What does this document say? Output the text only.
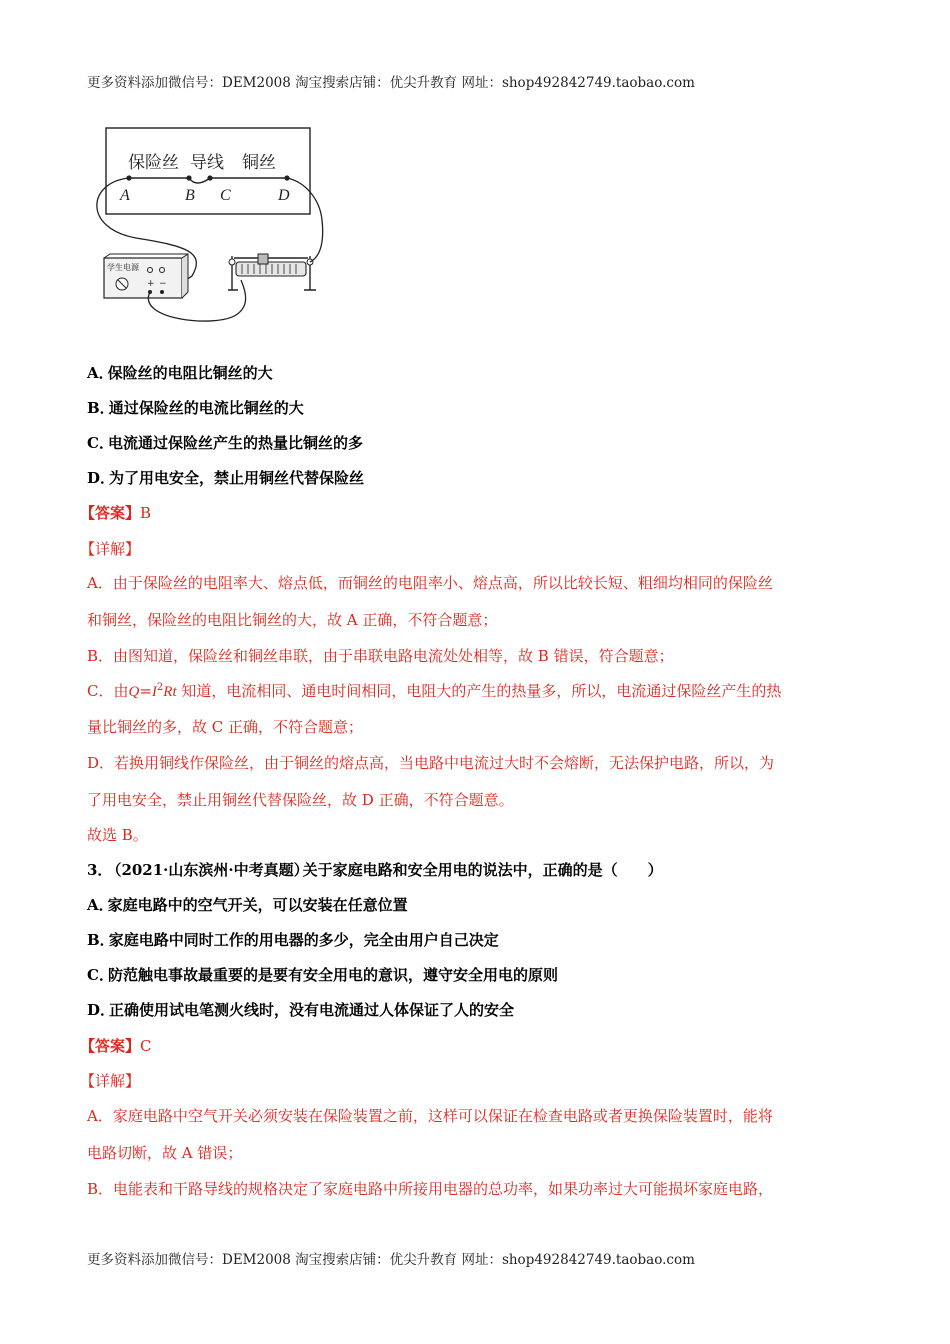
更多资料添加微信号：DEM2008 淘宝搜索店铺：优尖升教育 网址：shop492842749.taobao.com
保险丝 导线 铜丝
A	B C	D
学生电源
+ −
A．保险丝的电阻比铜丝的大
B．通过保险丝的电流比铜丝的大
C．电流通过保险丝产生的热量比铜丝的多
D．为了用电安全，禁止用铜丝代替保险丝
【答案】B
【详解】
A．由于保险丝的电阻率大、熔点低，而铜丝的电阻率小、熔点高，所以比较长短、粗细均相同的保险丝
和铜丝，保险丝的电阻比铜丝的大，故 A 正确，不符合题意；
B．由图知道，保险丝和铜丝串联，由于串联电路电流处处相等，故 B 错误，符合题意；
C．由$Q=I^2Rt$ 知道，电流相同、通电时间相同，电阻大的产生的热量多，所以，电流通过保险丝产生的热
量比铜丝的多，故 C 正确，不符合题意；
D．若换用铜线作保险丝，由于铜丝的熔点高，当电路中电流过大时不会熔断，无法保护电路，所以，为
了用电安全，禁止用铜丝代替保险丝，故 D 正确，不符合题意。
故选 B。
3．（2021·山东滨州·中考真题）关于家庭电路和安全用电的说法中，正确的是（　　）
A．家庭电路中的空气开关，可以安装在任意位置
B．家庭电路中同时工作的用电器的多少，完全由用户自己决定
C．防范触电事故最重要的是要有安全用电的意识，遵守安全用电的原则
D．正确使用试电笔测火线时，没有电流通过人体保证了人的安全
【答案】C
【详解】
A．家庭电路中空气开关必须安装在保险装置之前，这样可以保证在检查电路或者更换保险装置时，能将
电路切断，故 A 错误；
B．电能表和干路导线的规格决定了家庭电路中所接用电器的总功率，如果功率过大可能损坏家庭电路，
更多资料添加微信号：DEM2008 淘宝搜索店铺：优尖升教育 网址：shop492842749.taobao.com
